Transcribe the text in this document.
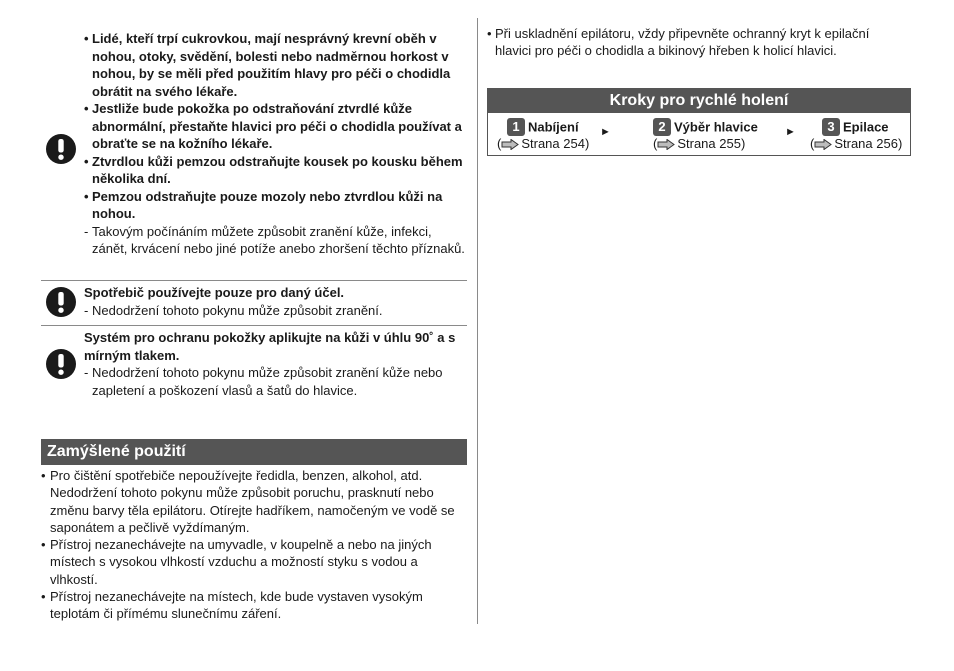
• Lidé, kteří trpí cukrovkou, mají nesprávný krevní oběh v nohou, otoky, svědění, bolesti nebo nadměrnou horkost v nohou, by se měli před použitím hlavy pro péči o chodidla obrátit na svého lékaře.
• Jestliže bude pokožka po odstraňování ztvrdlé kůže abnormální, přestaňte hlavici pro péči o chodidla používat a obraťte se na kožního lékaře.
• Ztvrdlou kůži pemzou odstraňujte kousek po kousku během několika dní.
• Pemzou odstraňujte pouze mozoly nebo ztvrdlou kůži na nohou.
- Takovým počínáním můžete způsobit zranění kůže, infekci, zánět, krvácení nebo jiné potíže anebo zhoršení těchto příznaků.
Spotřebič používejte pouze pro daný účel.
- Nedodržení tohoto pokynu může způsobit zranění.
Systém pro ochranu pokožky aplikujte na kůži v úhlu 90˚ a s mírným tlakem.
- Nedodržení tohoto pokynu může způsobit zranění kůže nebo zapletení a poškození vlasů a šatů do hlavice.
Zamýšlené použití
• Pro čištění spotřebiče nepoužívejte ředidla, benzen, alkohol, atd. Nedodržení tohoto pokynu může způsobit poruchu, prasknutí nebo změnu barvy těla epilátoru. Otírejte hadříkem, namočeným ve vodě se saponátem a pečlivě vyždímaným.
• Přístroj nezanechávejte na umyvadle, v koupelně a nebo na jiných místech s vysokou vlhkostí vzduchu a možností styku s vodou a vlhkostí.
• Přístroj nezanechávejte na místech, kde bude vystaven vysokým teplotám či přímému slunečnímu záření.
• Při uskladnění epilátoru, vždy připevněte ochranný kryt k epilační hlavici pro péči o chodidla a bikinový hřeben k holicí hlavici.
Kroky pro rychlé holení
1 Nabíjení
( Strana 254)
►	2 Výběr hlavice
( Strana 255)
►	3 Epilace
( Strana 256)
